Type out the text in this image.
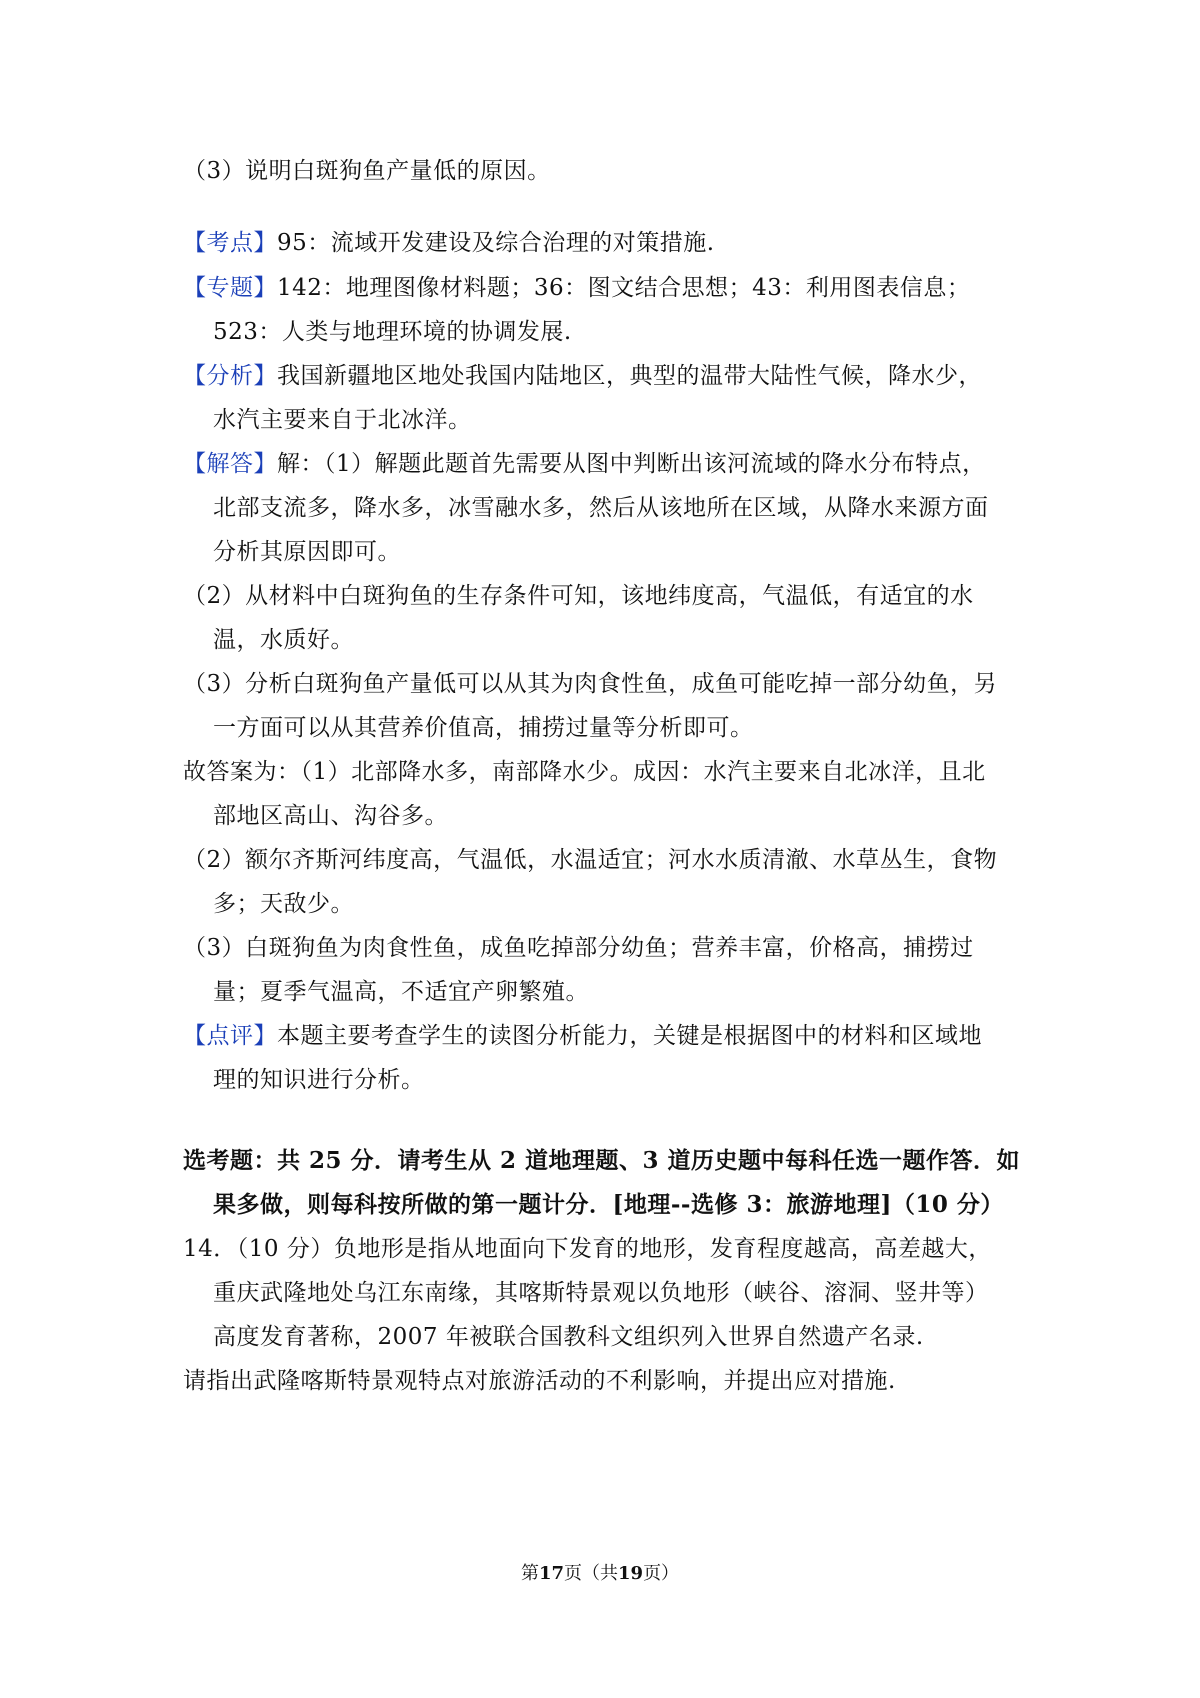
（3）说明白斑狗鱼产量低的原因。
【考点】95：流域开发建设及综合治理的对策措施.
【专题】142：地理图像材料题；36：图文结合思想；43：利用图表信息；
523：人类与地理环境的协调发展.
【分析】我国新疆地区地处我国内陆地区，典型的温带大陆性气候，降水少，
水汽主要来自于北冰洋。
【解答】解：（1）解题此题首先需要从图中判断出该河流域的降水分布特点，
北部支流多，降水多，冰雪融水多，然后从该地所在区域，从降水来源方面
分析其原因即可。
（2）从材料中白斑狗鱼的生存条件可知，该地纬度高，气温低，有适宜的水
温，水质好。
（3）分析白斑狗鱼产量低可以从其为肉食性鱼，成鱼可能吃掉一部分幼鱼，另
一方面可以从其营养价值高，捕捞过量等分析即可。
故答案为：（1）北部降水多，南部降水少。成因：水汽主要来自北冰洋，且北
部地区高山、沟谷多。
（2）额尔齐斯河纬度高，气温低，水温适宜；河水水质清澈、水草丛生，食物
多；天敌少。
（3）白斑狗鱼为肉食性鱼，成鱼吃掉部分幼鱼；营养丰富，价格高，捕捞过
量；夏季气温高，不适宜产卵繁殖。
【点评】本题主要考查学生的读图分析能力，关键是根据图中的材料和区域地
理的知识进行分析。
选考题：共 25 分．请考生从 2 道地理题、3 道历史题中每科任选一题作答．如
果多做，则每科按所做的第一题计分．[地理--选修 3：旅游地理]（10 分）
14．（10 分）负地形是指从地面向下发育的地形，发育程度越高，高差越大，
重庆武隆地处乌江东南缘，其喀斯特景观以负地形（峡谷、溶洞、竖井等）
高度发育著称，2007 年被联合国教科文组织列入世界自然遗产名录.
请指出武隆喀斯特景观特点对旅游活动的不利影响，并提出应对措施.
第17页（共19页）
